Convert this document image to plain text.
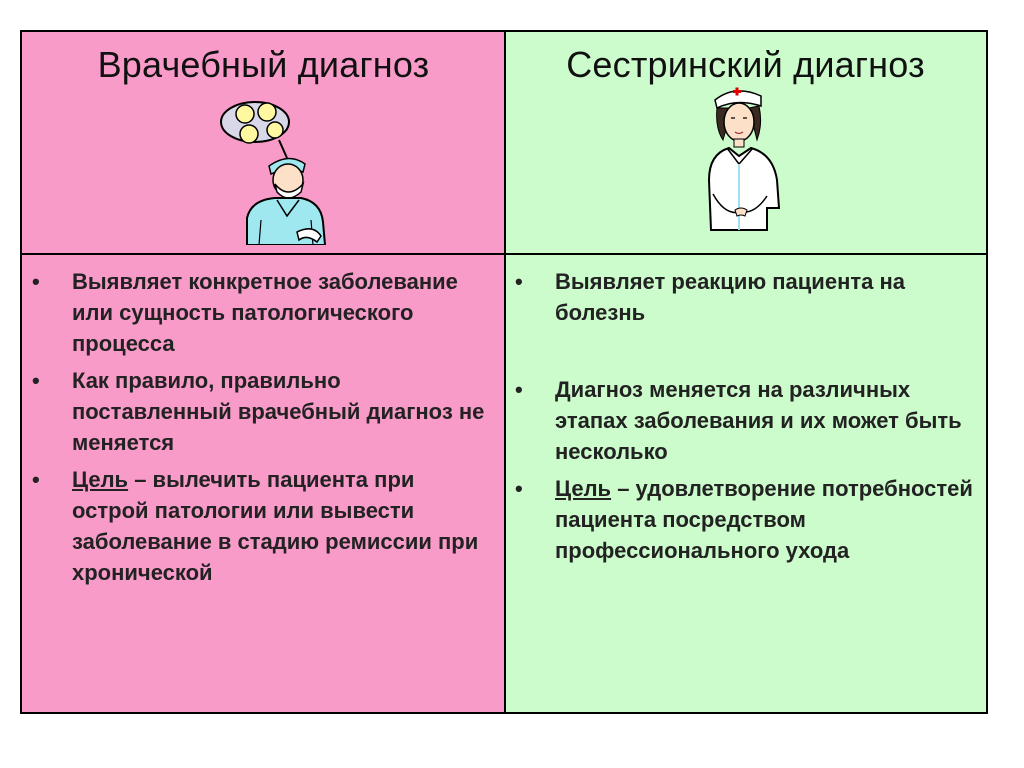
Врачебный диагноз	Сестринский диагноз
• Выявляет конкретное заболевание или сущность патологического процесса
• Как правило, правильно поставленный врачебный диагноз не меняется
• Цель – вылечить пациента при острой патологии или вывести заболевание в стадию ремиссии при хронической
• Выявляет реакцию пациента на болезнь
• Диагноз меняется на различных этапах заболевания и их может быть несколько
• Цель – удовлетворение потребностей пациента посредством профессионального ухода
